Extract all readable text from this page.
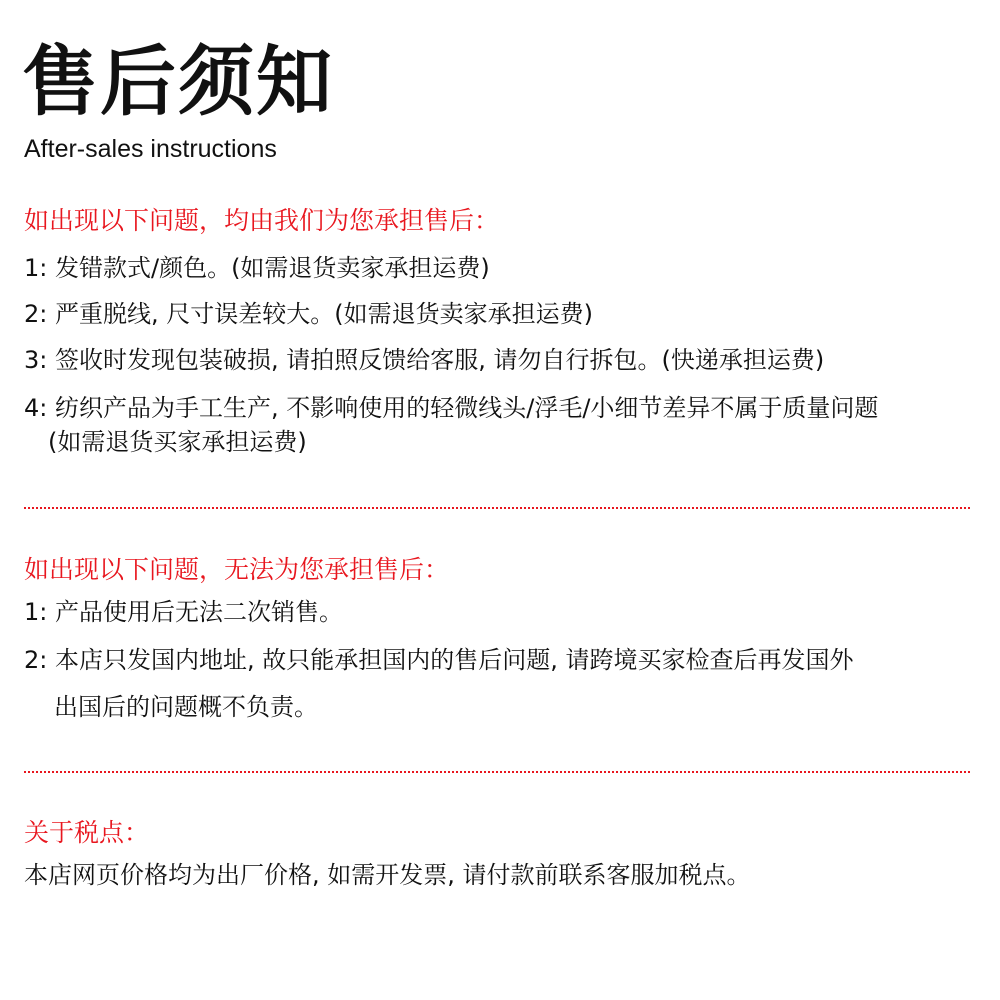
售后须知
After-sales instructions
如出现以下问题，均由我们为您承担售后：
1: 发错款式/颜色。(如需退货卖家承担运费)
2: 严重脱线, 尺寸误差较大。(如需退货卖家承担运费)
3: 签收时发现包装破损, 请拍照反馈给客服, 请勿自行拆包。(快递承担运费)
4: 纺织产品为手工生产, 不影响使用的轻微线头/浮毛/小细节差异不属于质量问题
(如需退货买家承担运费)
如出现以下问题，无法为您承担售后：
1: 产品使用后无法二次销售。
2: 本店只发国内地址, 故只能承担国内的售后问题, 请跨境买家检查后再发国外
出国后的问题概不负责。
关于税点：
本店网页价格均为出厂价格, 如需开发票, 请付款前联系客服加税点。
